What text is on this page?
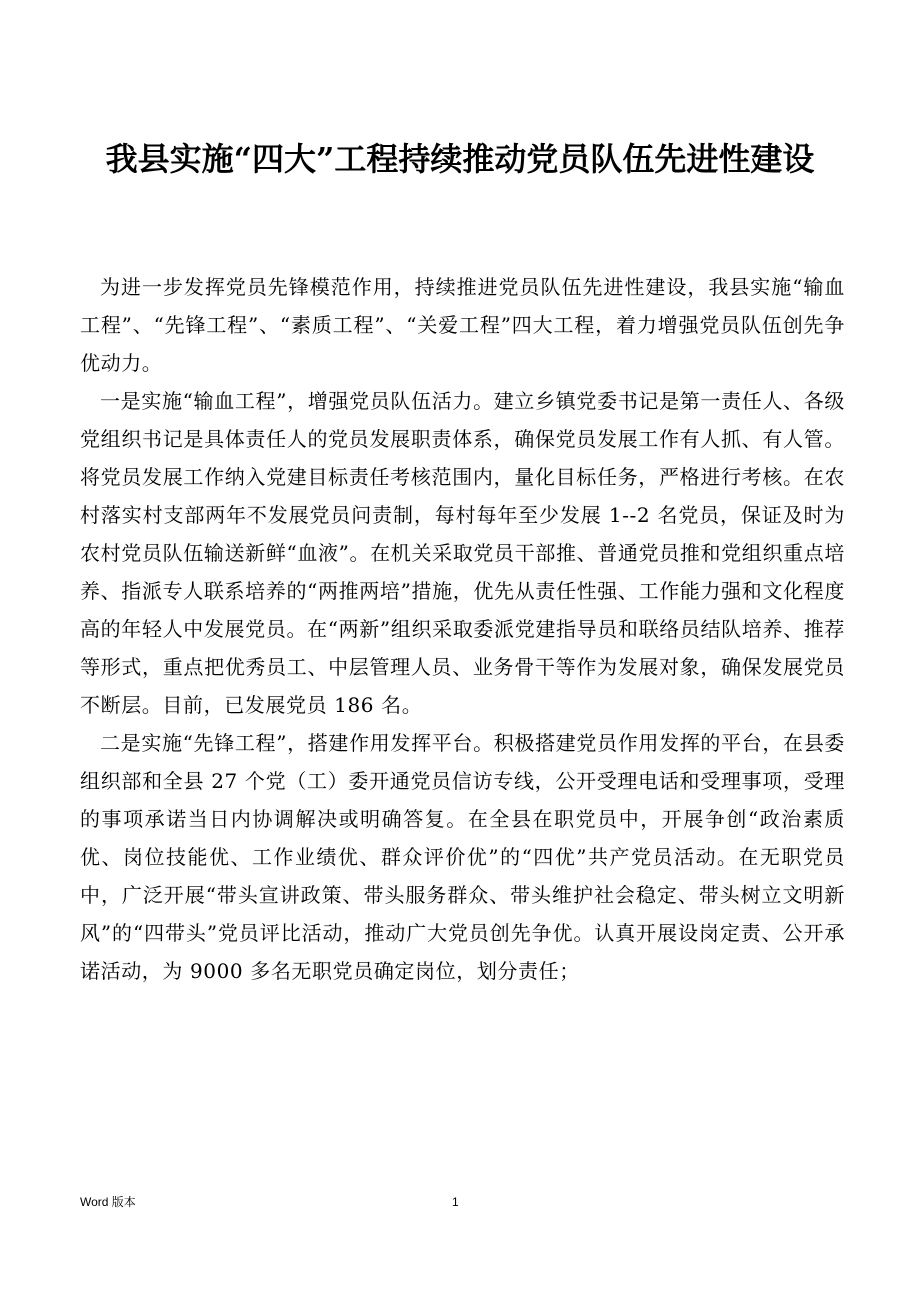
我县实施“四大”工程持续推动党员队伍先进性建设

为进一步发挥党员先锋模范作用，持续推进党员队伍先进性建设，我县实施“输血工程”、“先锋工程”、“素质工程”、“关爱工程”四大工程，着力增强党员队伍创先争优动力。

一是实施“输血工程”，增强党员队伍活力。建立乡镇党委书记是第一责任人、各级党组织书记是具体责任人的党员发展职责体系，确保党员发展工作有人抓、有人管。将党员发展工作纳入党建目标责任考核范围内，量化目标任务，严格进行考核。在农村落实村支部两年不发展党员问责制，每村每年至少发展 1--2 名党员，保证及时为农村党员队伍输送新鲜“血液”。在机关采取党员干部推、普通党员推和党组织重点培养、指派专人联系培养的“两推两培”措施，优先从责任性强、工作能力强和文化程度高的年轻人中发展党员。在“两新”组织采取委派党建指导员和联络员结队培养、推荐等形式，重点把优秀员工、中层管理人员、业务骨干等作为发展对象，确保发展党员不断层。目前，已发展党员 186 名。

二是实施“先锋工程”，搭建作用发挥平台。积极搭建党员作用发挥的平台，在县委组织部和全县 27 个党（工）委开通党员信访专线，公开受理电话和受理事项，受理的事项承诺当日内协调解决或明确答复。在全县在职党员中，开展争创“政治素质优、岗位技能优、工作业绩优、群众评价优”的“四优”共产党员活动。在无职党员中，广泛开展“带头宣讲政策、带头服务群众、带头维护社会稳定、带头树立文明新风”的“四带头”党员评比活动，推动广大党员创先争优。认真开展设岗定责、公开承诺活动，为 9000 多名无职党员确定岗位，划分责任；

Word 版本	1
